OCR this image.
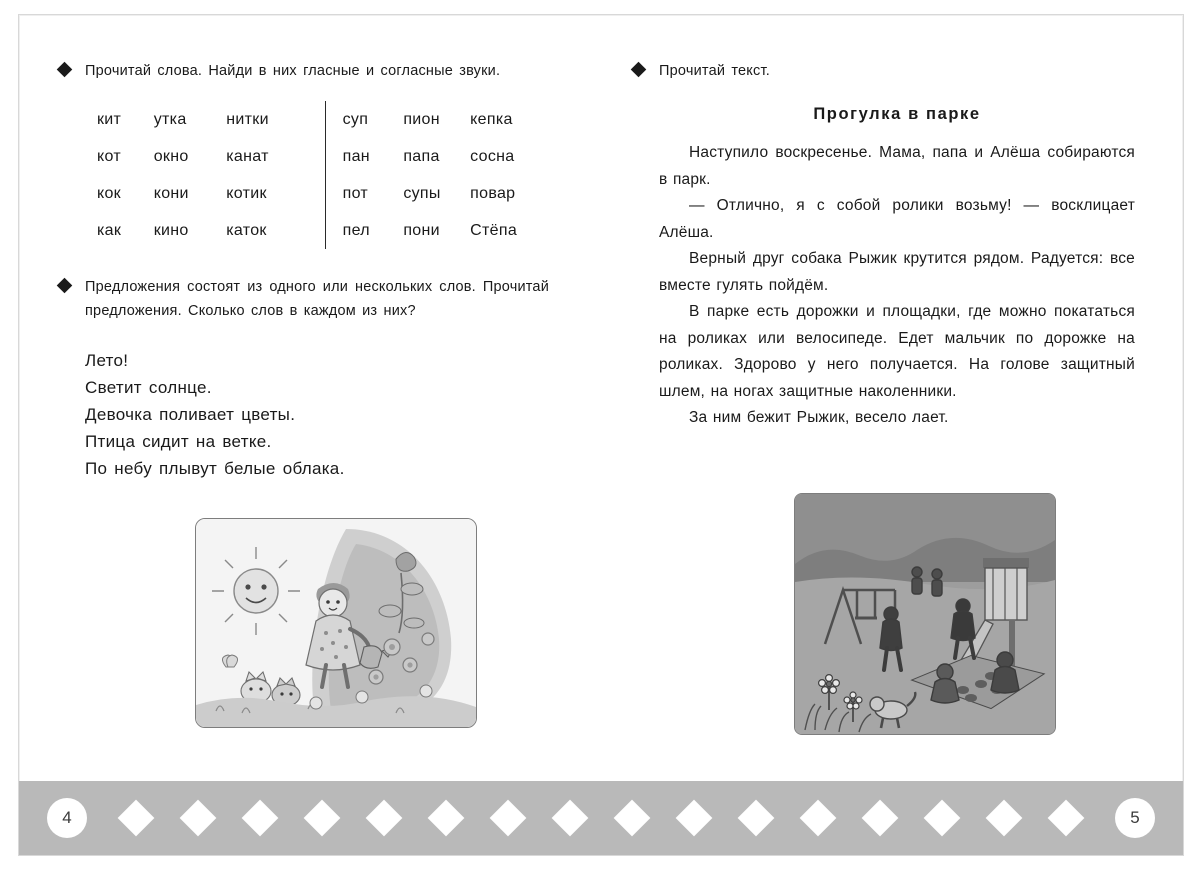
Прочитай слова. Найди в них гласные и согласные звуки.
кит	утка	нитки		суп	пион	кепка
кот	окно	канат		пан	папа	сосна
кок	кони	котик		пот	супы	повар
как	кино	каток		пел	пони	Стёпа
Предложения состоят из одного или нескольких слов. Прочитай предложения. Сколько слов в каждом из них?
Лето!
Светит солнце.
Девочка поливает цветы.
Птица сидит на ветке.
По небу плывут белые облака.
Прочитай текст.
Прогулка в парке

Наступило воскресенье. Мама, папа и Алёша собираются в парк.

— Отлично, я с собой ролики возьму! — восклицает Алёша.

Верный друг собака Рыжик крутится рядом. Радуется: все вместе гулять пойдём.

В парке есть дорожки и площадки, где можно покататься на роликах или велосипеде. Едет мальчик по дорожке на роликах. Здорово у него получается. На голове защитный шлем, на ногах защитные наколенники.

За ним бежит Рыжик, весело лает.

4	5
